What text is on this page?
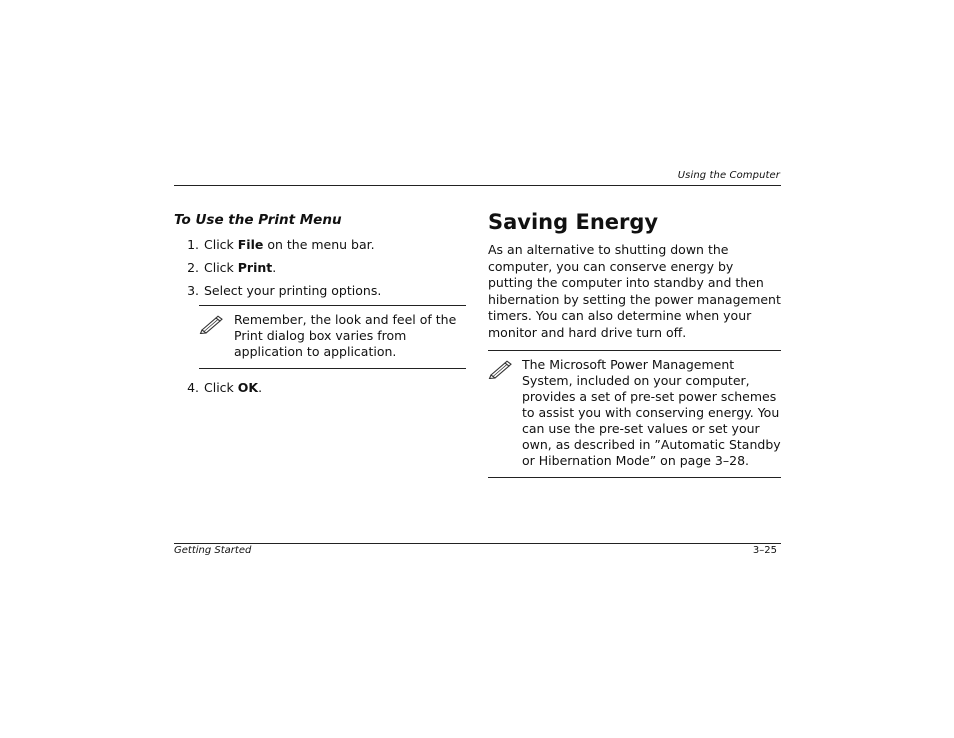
Using the Computer
To Use the Print Menu
1. Click File on the menu bar.
2. Click Print.
3. Select your printing options.
Remember, the look and feel of the Print dialog box varies from application to application.
4. Click OK.
Saving Energy

As an alternative to shutting down the computer, you can conserve energy by putting the computer into standby and then hibernation by setting the power management timers. You can also determine when your monitor and hard drive turn off.

The Microsoft Power Management System, included on your computer, provides a set of pre-set power schemes to assist you with conserving energy. You can use the pre-set values or set your own, as described in ”Automatic Standby or Hibernation Mode” on page 3–28.
Getting Started	3–25
